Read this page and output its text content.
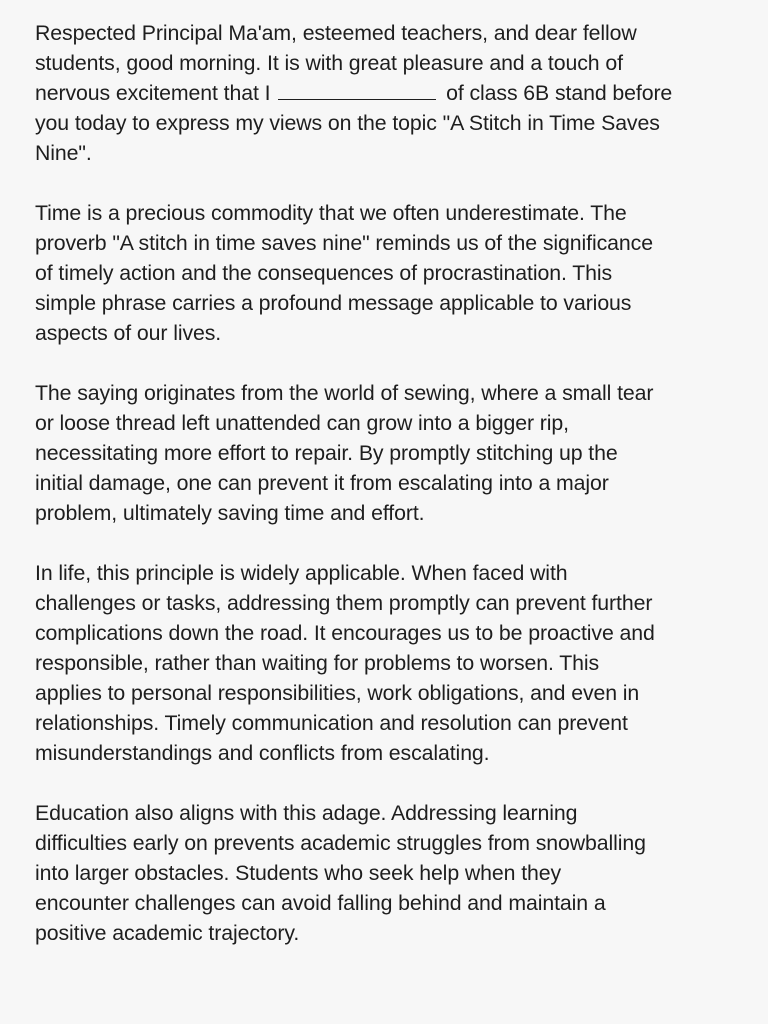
Respected Principal Ma'am, esteemed teachers, and dear fellow
students, good morning. It is with great pleasure and a touch of
nervous excitement that I	of class 6B stand before
you today to express my views on the topic "A Stitch in Time Saves
Nine".

Time is a precious commodity that we often underestimate. The
proverb "A stitch in time saves nine" reminds us of the significance
of timely action and the consequences of procrastination. This
simple phrase carries a profound message applicable to various
aspects of our lives.

The saying originates from the world of sewing, where a small tear
or loose thread left unattended can grow into a bigger rip,
necessitating more effort to repair. By promptly stitching up the
initial damage, one can prevent it from escalating into a major
problem, ultimately saving time and effort.

In life, this principle is widely applicable. When faced with
challenges or tasks, addressing them promptly can prevent further
complications down the road. It encourages us to be proactive and
responsible, rather than waiting for problems to worsen. This
applies to personal responsibilities, work obligations, and even in
relationships. Timely communication and resolution can prevent
misunderstandings and conflicts from escalating.

Education also aligns with this adage. Addressing learning
difficulties early on prevents academic struggles from snowballing
into larger obstacles. Students who seek help when they
encounter challenges can avoid falling behind and maintain a
positive academic trajectory.
